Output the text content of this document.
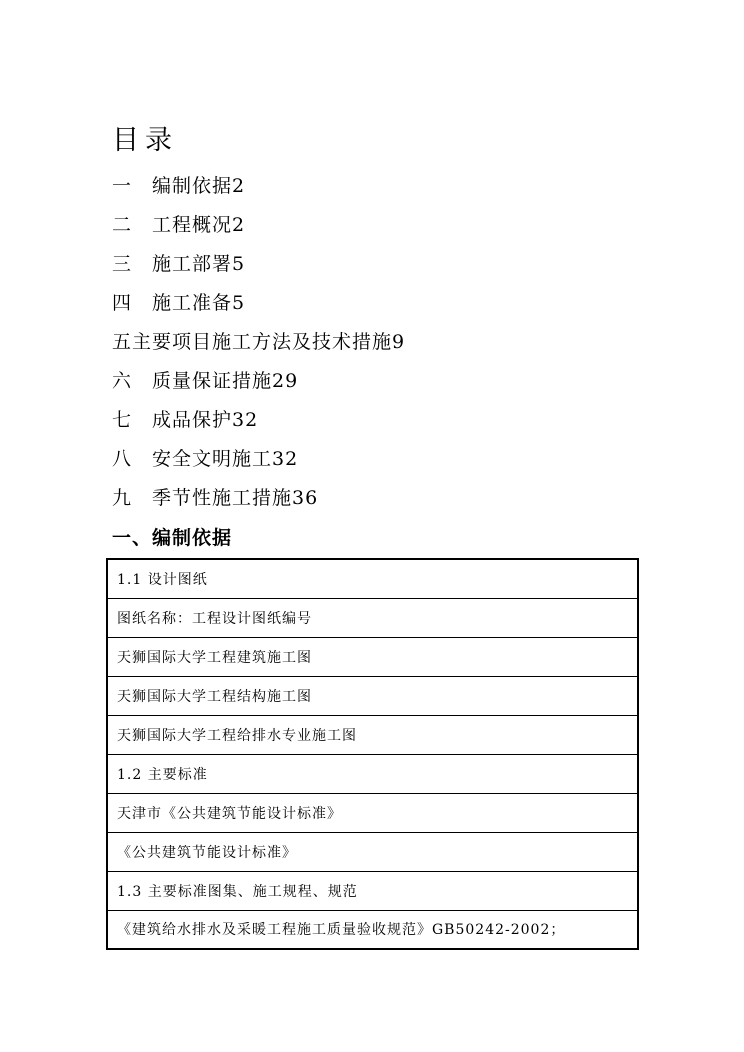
目录
一 编制依据2
二 工程概况2
三 施工部署5
四 施工准备5
五主要项目施工方法及技术措施9
六 质量保证措施29
七 成品保护32
八 安全文明施工32
九 季节性施工措施36
一、编制依据
1.1 设计图纸
图纸名称：工程设计图纸编号
天狮国际大学工程建筑施工图
天狮国际大学工程结构施工图
天狮国际大学工程给排水专业施工图
1.2 主要标准
天津市《公共建筑节能设计标准》
《公共建筑节能设计标准》
1.3 主要标准图集、施工规程、规范
《建筑给水排水及采暖工程施工质量验收规范》GB50242-2002；
